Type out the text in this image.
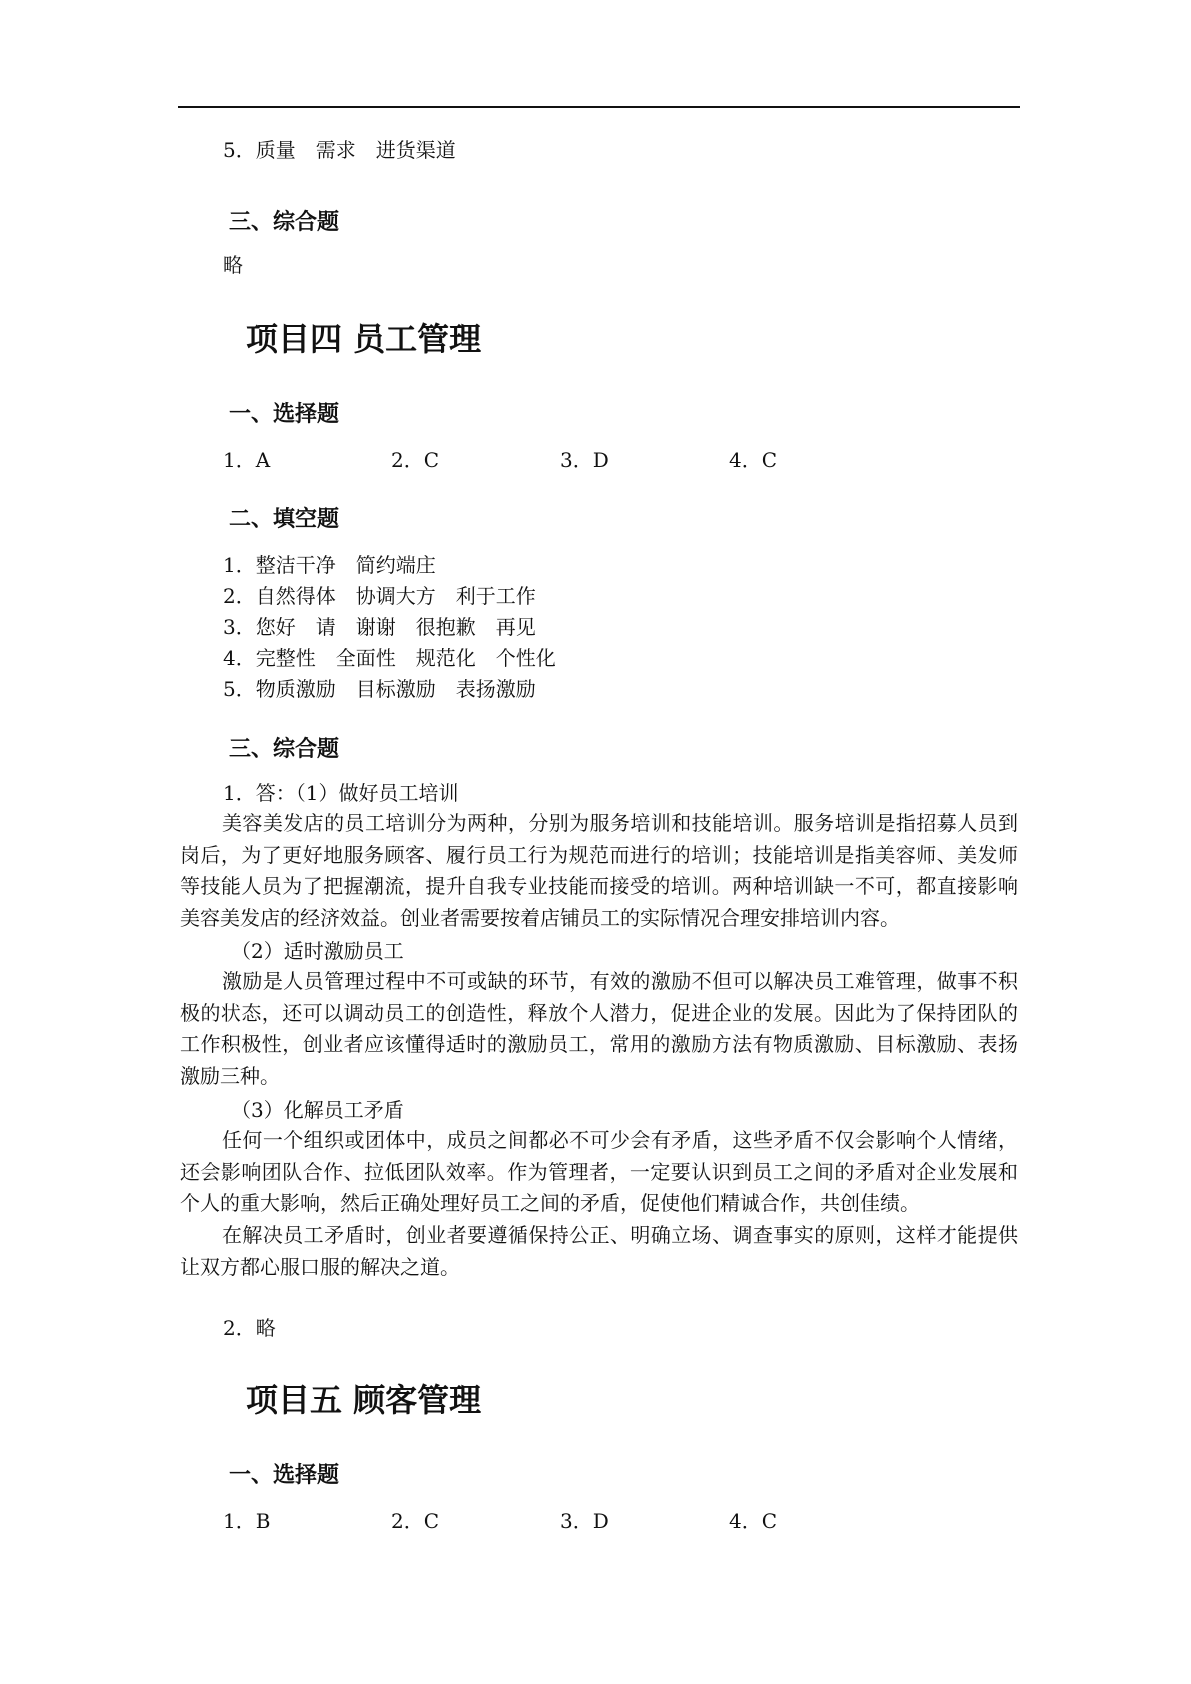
5．质量　需求　进货渠道
三、综合题
略
项目四 员工管理
一、选择题
1．A	2．C	3．D	4．C
二、填空题
1．整洁干净　简约端庄
2．自然得体　协调大方　利于工作
3．您好　请　谢谢　很抱歉　再见
4．完整性　全面性　规范化　个性化
5．物质激励　目标激励　表扬激励
三、综合题
1．答：（1）做好员工培训

美容美发店的员工培训分为两种，分别为服务培训和技能培训。服务培训是指招募人员到岗后，为了更好地服务顾客、履行员工行为规范而进行的培训；技能培训是指美容师、美发师等技能人员为了把握潮流，提升自我专业技能而接受的培训。两种培训缺一不可，都直接影响美容美发店的经济效益。创业者需要按着店铺员工的实际情况合理安排培训内容。

（2）适时激励员工

激励是人员管理过程中不可或缺的环节，有效的激励不但可以解决员工难管理，做事不积极的状态，还可以调动员工的创造性，释放个人潜力，促进企业的发展。因此为了保持团队的工作积极性，创业者应该懂得适时的激励员工，常用的激励方法有物质激励、目标激励、表扬激励三种。

（3）化解员工矛盾

任何一个组织或团体中，成员之间都必不可少会有矛盾，这些矛盾不仅会影响个人情绪，还会影响团队合作、拉低团队效率。作为管理者，一定要认识到员工之间的矛盾对企业发展和个人的重大影响，然后正确处理好员工之间的矛盾，促使他们精诚合作，共创佳绩。

在解决员工矛盾时，创业者要遵循保持公正、明确立场、调查事实的原则，这样才能提供让双方都心服口服的解决之道。

2．略
项目五 顾客管理
一、选择题
1．B	2．C	3．D	4．C
